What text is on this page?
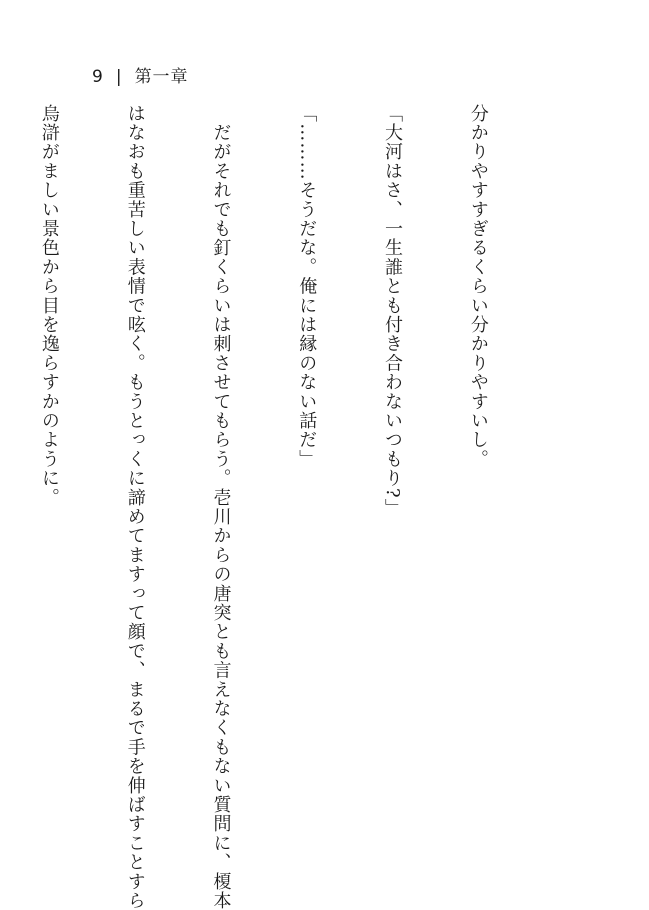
9 | 第一章

分かりやすすぎるくらい分かりやすいし。

「大河はさ、一生誰とも付き合わないつもり?」

「………そうだな。俺には縁のない話だ」

　だがそれでも釘くらいは刺させてもらう。壱川からの唐突とも言えなくもない質問に、榎本

はなおも重苦しい表情で呟く。もうとっくに諦めてますって顔で、まるで手を伸ばすことすら

烏滸がましい景色から目を逸らすかのように。
